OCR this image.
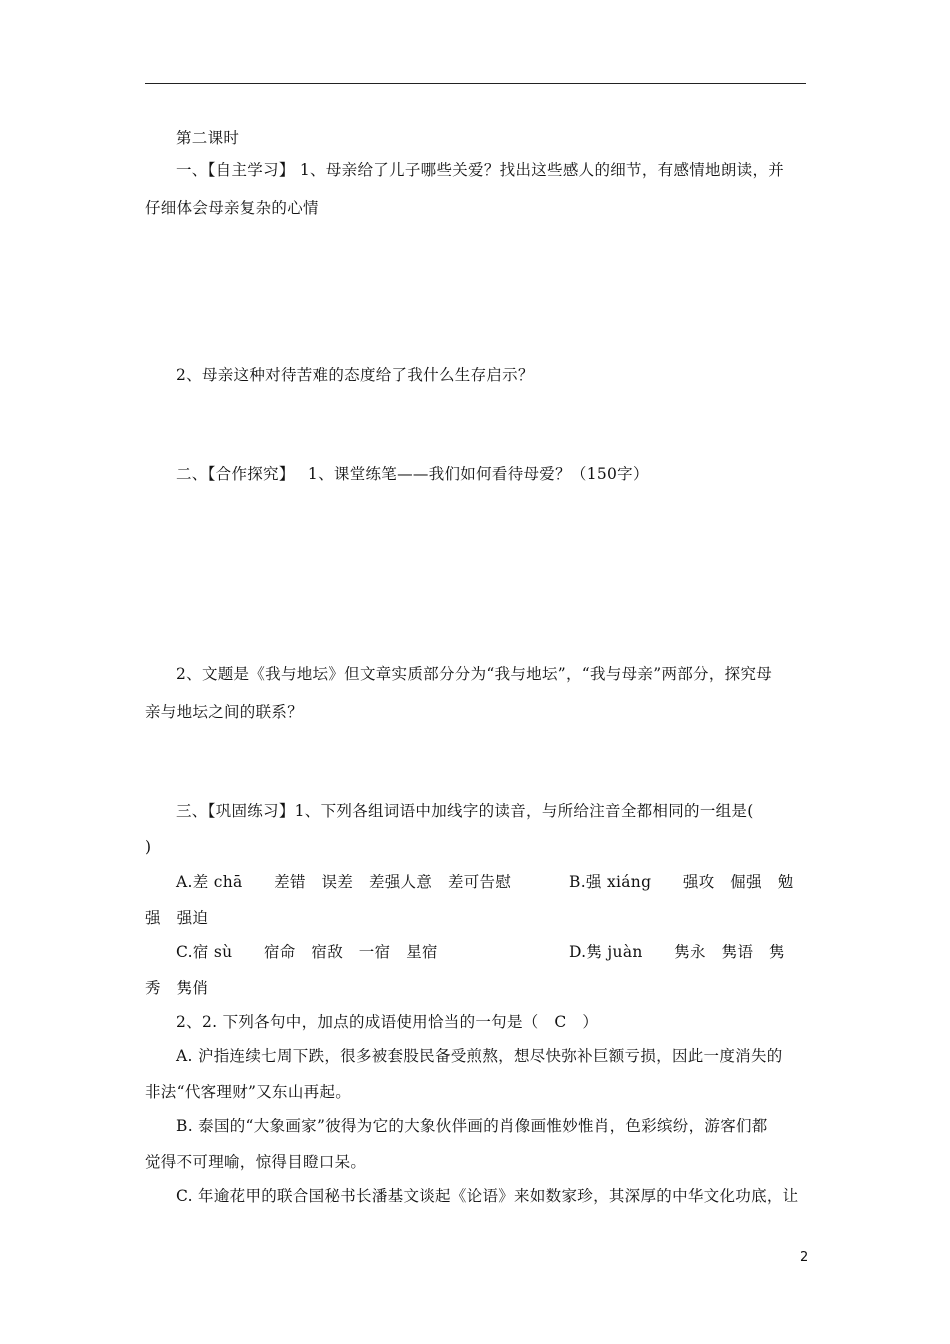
第二课时
一、【自主学习】 1、母亲给了儿子哪些关爱？找出这些感人的细节，有感情地朗读，并
仔细体会母亲复杂的心情
2、母亲这种对待苦难的态度给了我什么生存启示？
二、【合作探究】　 1、课堂练笔——我们如何看待母爱？（150字）
2、文题是《我与地坛》但文章实质部分分为“我与地坛”，“我与母亲”两部分，探究母
亲与地坛之间的联系？
三、【巩固练习】1、下列各组词语中加线字的读音，与所给注音全都相同的一组是(
)
A.差 chā　　差错　误差　差强人意　差可告慰	B.强 xiáng　　强攻　倔强　勉
强　强迫
C.宿 sù　　宿命　宿敌　一宿　星宿	D.隽 juàn　　隽永　隽语　隽
秀　隽俏
2、2. 下列各句中，加点的成语使用恰当的一句是（　C　）
A. 沪指连续七周下跌，很多被套股民备受煎熬，想尽快弥补巨额亏损，因此一度消失的
非法“代客理财”又东山再起。
B. 泰国的“大象画家”彼得为它的大象伙伴画的肖像画惟妙惟肖，色彩缤纷，游客们都
觉得不可理喻，惊得目瞪口呆。
C. 年逾花甲的联合国秘书长潘基文谈起《论语》来如数家珍，其深厚的中华文化功底，让
2
